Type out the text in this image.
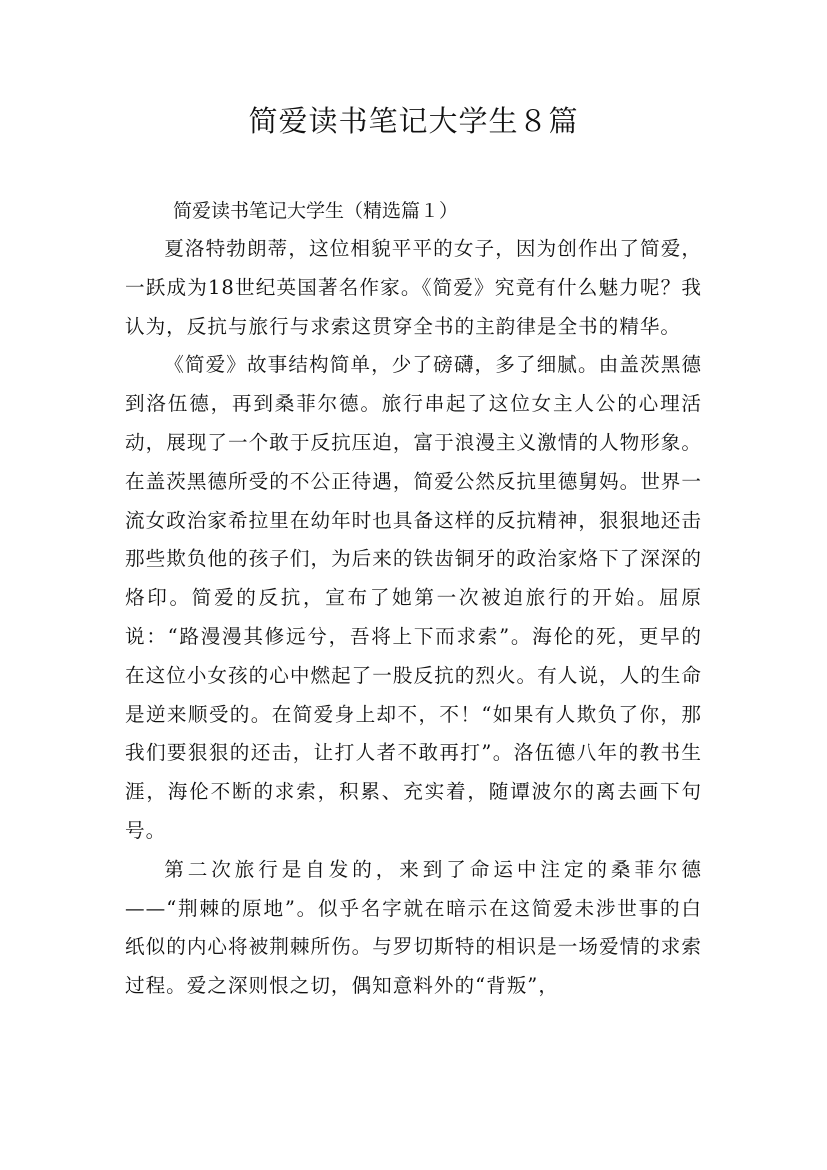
简爱读书笔记大学生８篇

简爱读书笔记大学生（精选篇１）

夏洛特勃朗蒂，这位相貌平平的女子，因为创作出了简爱，一跃成为18世纪英国著名作家。《简爱》究竟有什么魅力呢？我认为，反抗与旅行与求索这贯穿全书的主韵律是全书的精华。

《简爱》故事结构简单，少了磅礴，多了细腻。由盖茨黑德到洛伍德，再到桑菲尔德。旅行串起了这位女主人公的心理活动，展现了一个敢于反抗压迫，富于浪漫主义激情的人物形象。在盖茨黑德所受的不公正待遇，简爱公然反抗里德舅妈。世界一流女政治家希拉里在幼年时也具备这样的反抗精神，狠狠地还击那些欺负他的孩子们，为后来的铁齿铜牙的政治家烙下了深深的烙印。简爱的反抗，宣布了她第一次被迫旅行的开始。屈原说：“路漫漫其修远兮，吾将上下而求索”。海伦的死，更早的在这位小女孩的心中燃起了一股反抗的烈火。有人说，人的生命是逆来顺受的。在简爱身上却不，不！“如果有人欺负了你，那我们要狠狠的还击，让打人者不敢再打”。洛伍德八年的教书生涯，海伦不断的求索，积累、充实着，随谭波尔的离去画下句号。

第二次旅行是自发的，来到了命运中注定的桑菲尔德——“荆棘的原地”。似乎名字就在暗示在这简爱未涉世事的白纸似的内心将被荆棘所伤。与罗切斯特的相识是一场爱情的求索过程。爱之深则恨之切，偶知意料外的“背叛”，
